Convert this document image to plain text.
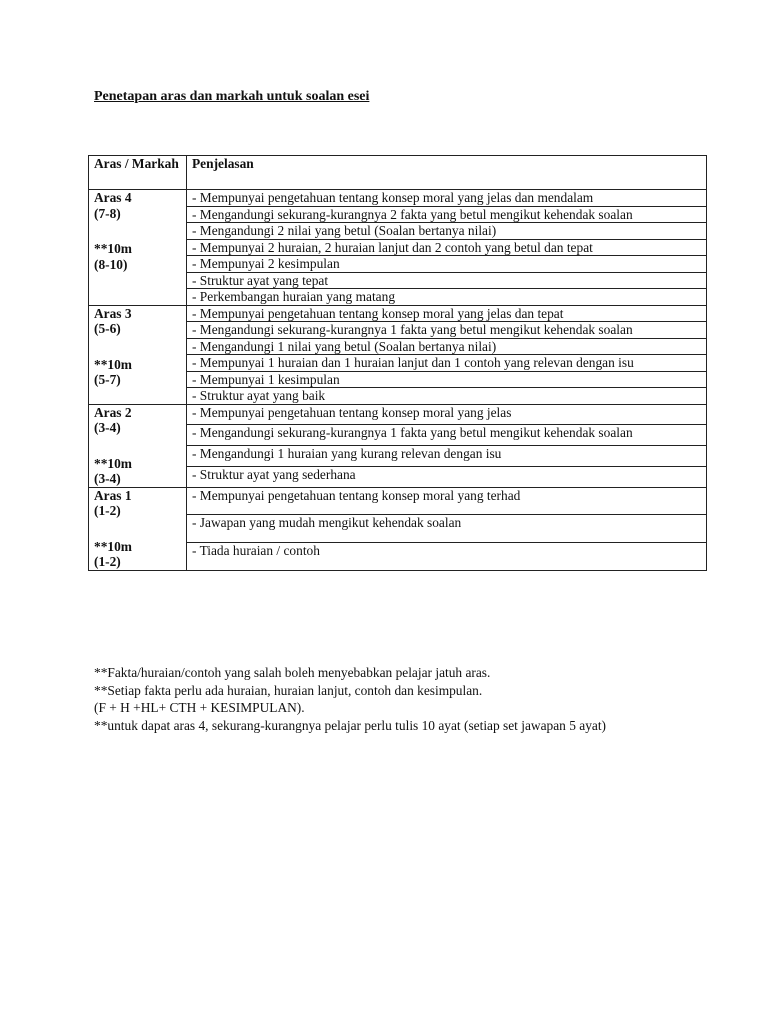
Penetapan aras dan markah untuk soalan esei
Aras / Markah	Penjelasan

Aras 4
(7-8)
**10m
(8-10)	- Mempunyai pengetahuan tentang konsep moral yang jelas dan mendalam
	- Mengandungi sekurang-kurangnya 2 fakta yang betul mengikut kehendak soalan
	- Mengandungi 2 nilai yang betul (Soalan bertanya nilai)
	- Mempunyai 2 huraian, 2 huraian lanjut dan 2 contoh yang betul dan tepat
	- Mempunyai 2 kesimpulan
	- Struktur ayat yang tepat
	- Perkembangan huraian yang matang

Aras 3
(5-6)
**10m
(5-7)	- Mempunyai pengetahuan tentang konsep moral yang jelas dan tepat
	- Mengandungi sekurang-kurangnya 1 fakta yang betul mengikut kehendak soalan
	- Mengandungi 1 nilai yang betul (Soalan bertanya nilai)
	- Mempunyai 1 huraian dan 1 huraian lanjut dan 1 contoh yang relevan dengan isu
	- Mempunyai 1 kesimpulan
	- Struktur ayat yang baik

Aras 2
(3-4)
**10m
(3-4)	- Mempunyai pengetahuan tentang konsep moral yang jelas
	- Mengandungi sekurang-kurangnya 1 fakta yang betul mengikut kehendak soalan
	- Mengandungi 1 huraian yang kurang relevan dengan isu
	- Struktur ayat yang sederhana

Aras 1
(1-2)
**10m
(1-2)	- Mempunyai pengetahuan tentang konsep moral yang terhad
	- Jawapan yang mudah mengikut kehendak soalan
	- Tiada huraian / contoh
**Fakta/huraian/contoh yang salah boleh menyebabkan pelajar jatuh aras.
**Setiap fakta perlu ada huraian, huraian lanjut, contoh dan kesimpulan.
(F + H +HL+ CTH + KESIMPULAN).
**untuk dapat aras 4, sekurang-kurangnya pelajar perlu tulis 10 ayat (setiap set jawapan 5 ayat)
